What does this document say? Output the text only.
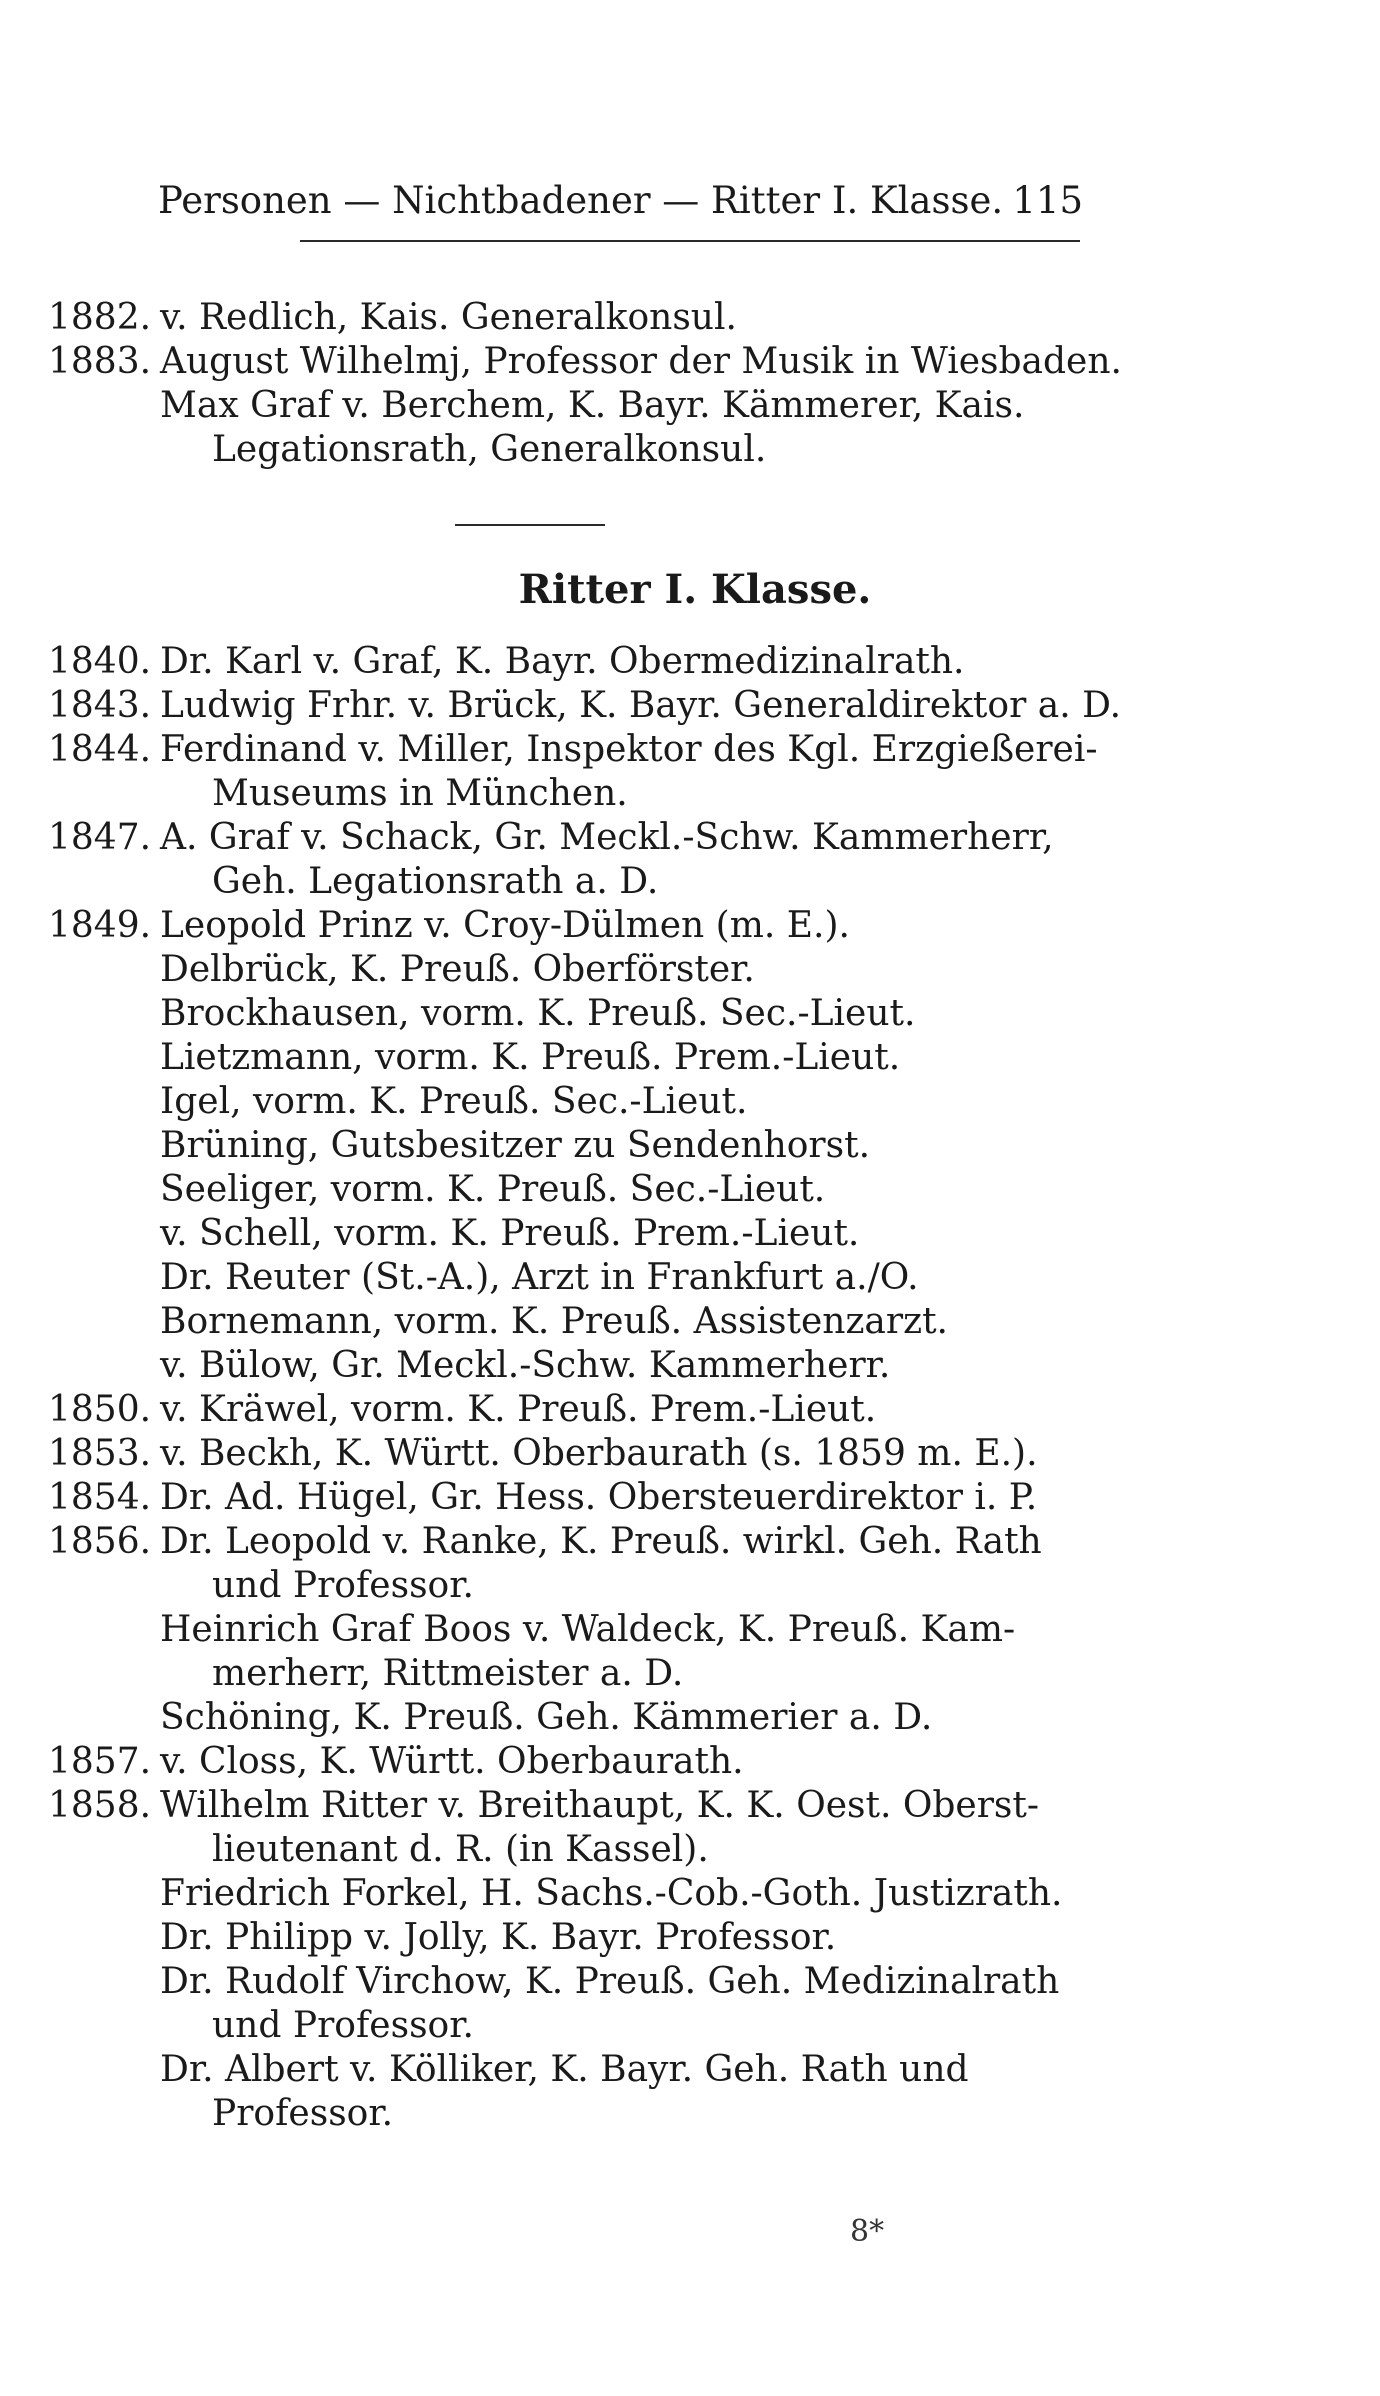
Personen — Nichtbadener — Ritter I. Klasse. 115
1882. v. Redlich, Kais. Generalkonsul.
1883. August Wilhelmj, Professor der Musik in Wiesbaden.
Max Graf v. Berchem, K. Bayr. Kämmerer, Kais.
Legationsrath, Generalkonsul.
Ritter I. Klasse.
1840. Dr. Karl v. Graf, K. Bayr. Obermedizinalrath.
1843. Ludwig Frhr. v. Brück, K. Bayr. Generaldirektor a. D.
1844. Ferdinand v. Miller, Inspektor des Kgl. Erzgießerei-
Museums in München.
1847. A. Graf v. Schack, Gr. Meckl.-Schw. Kammerherr,
Geh. Legationsrath a. D.
1849. Leopold Prinz v. Croy-Dülmen (m. E.).
Delbrück, K. Preuß. Oberförster.
Brockhausen, vorm. K. Preuß. Sec.-Lieut.
Lietzmann, vorm. K. Preuß. Prem.-Lieut.
Igel, vorm. K. Preuß. Sec.-Lieut.
Brüning, Gutsbesitzer zu Sendenhorst.
Seeliger, vorm. K. Preuß. Sec.-Lieut.
v. Schell, vorm. K. Preuß. Prem.-Lieut.
Dr. Reuter (St.-A.), Arzt in Frankfurt a./O.
Bornemann, vorm. K. Preuß. Assistenzarzt.
v. Bülow, Gr. Meckl.-Schw. Kammerherr.
1850. v. Kräwel, vorm. K. Preuß. Prem.-Lieut.
1853. v. Beckh, K. Württ. Oberbaurath (s. 1859 m. E.).
1854. Dr. Ad. Hügel, Gr. Hess. Obersteuerdirektor i. P.
1856. Dr. Leopold v. Ranke, K. Preuß. wirkl. Geh. Rath
und Professor.
Heinrich Graf Boos v. Waldeck, K. Preuß. Kam-
merherr, Rittmeister a. D.
Schöning, K. Preuß. Geh. Kämmerier a. D.
1857. v. Closs, K. Württ. Oberbaurath.
1858. Wilhelm Ritter v. Breithaupt, K. K. Oest. Oberst-
lieutenant d. R. (in Kassel).
Friedrich Forkel, H. Sachs.-Cob.-Goth. Justizrath.
Dr. Philipp v. Jolly, K. Bayr. Professor.
Dr. Rudolf Virchow, K. Preuß. Geh. Medizinalrath
und Professor.
Dr. Albert v. Kölliker, K. Bayr. Geh. Rath und
Professor.
8*
